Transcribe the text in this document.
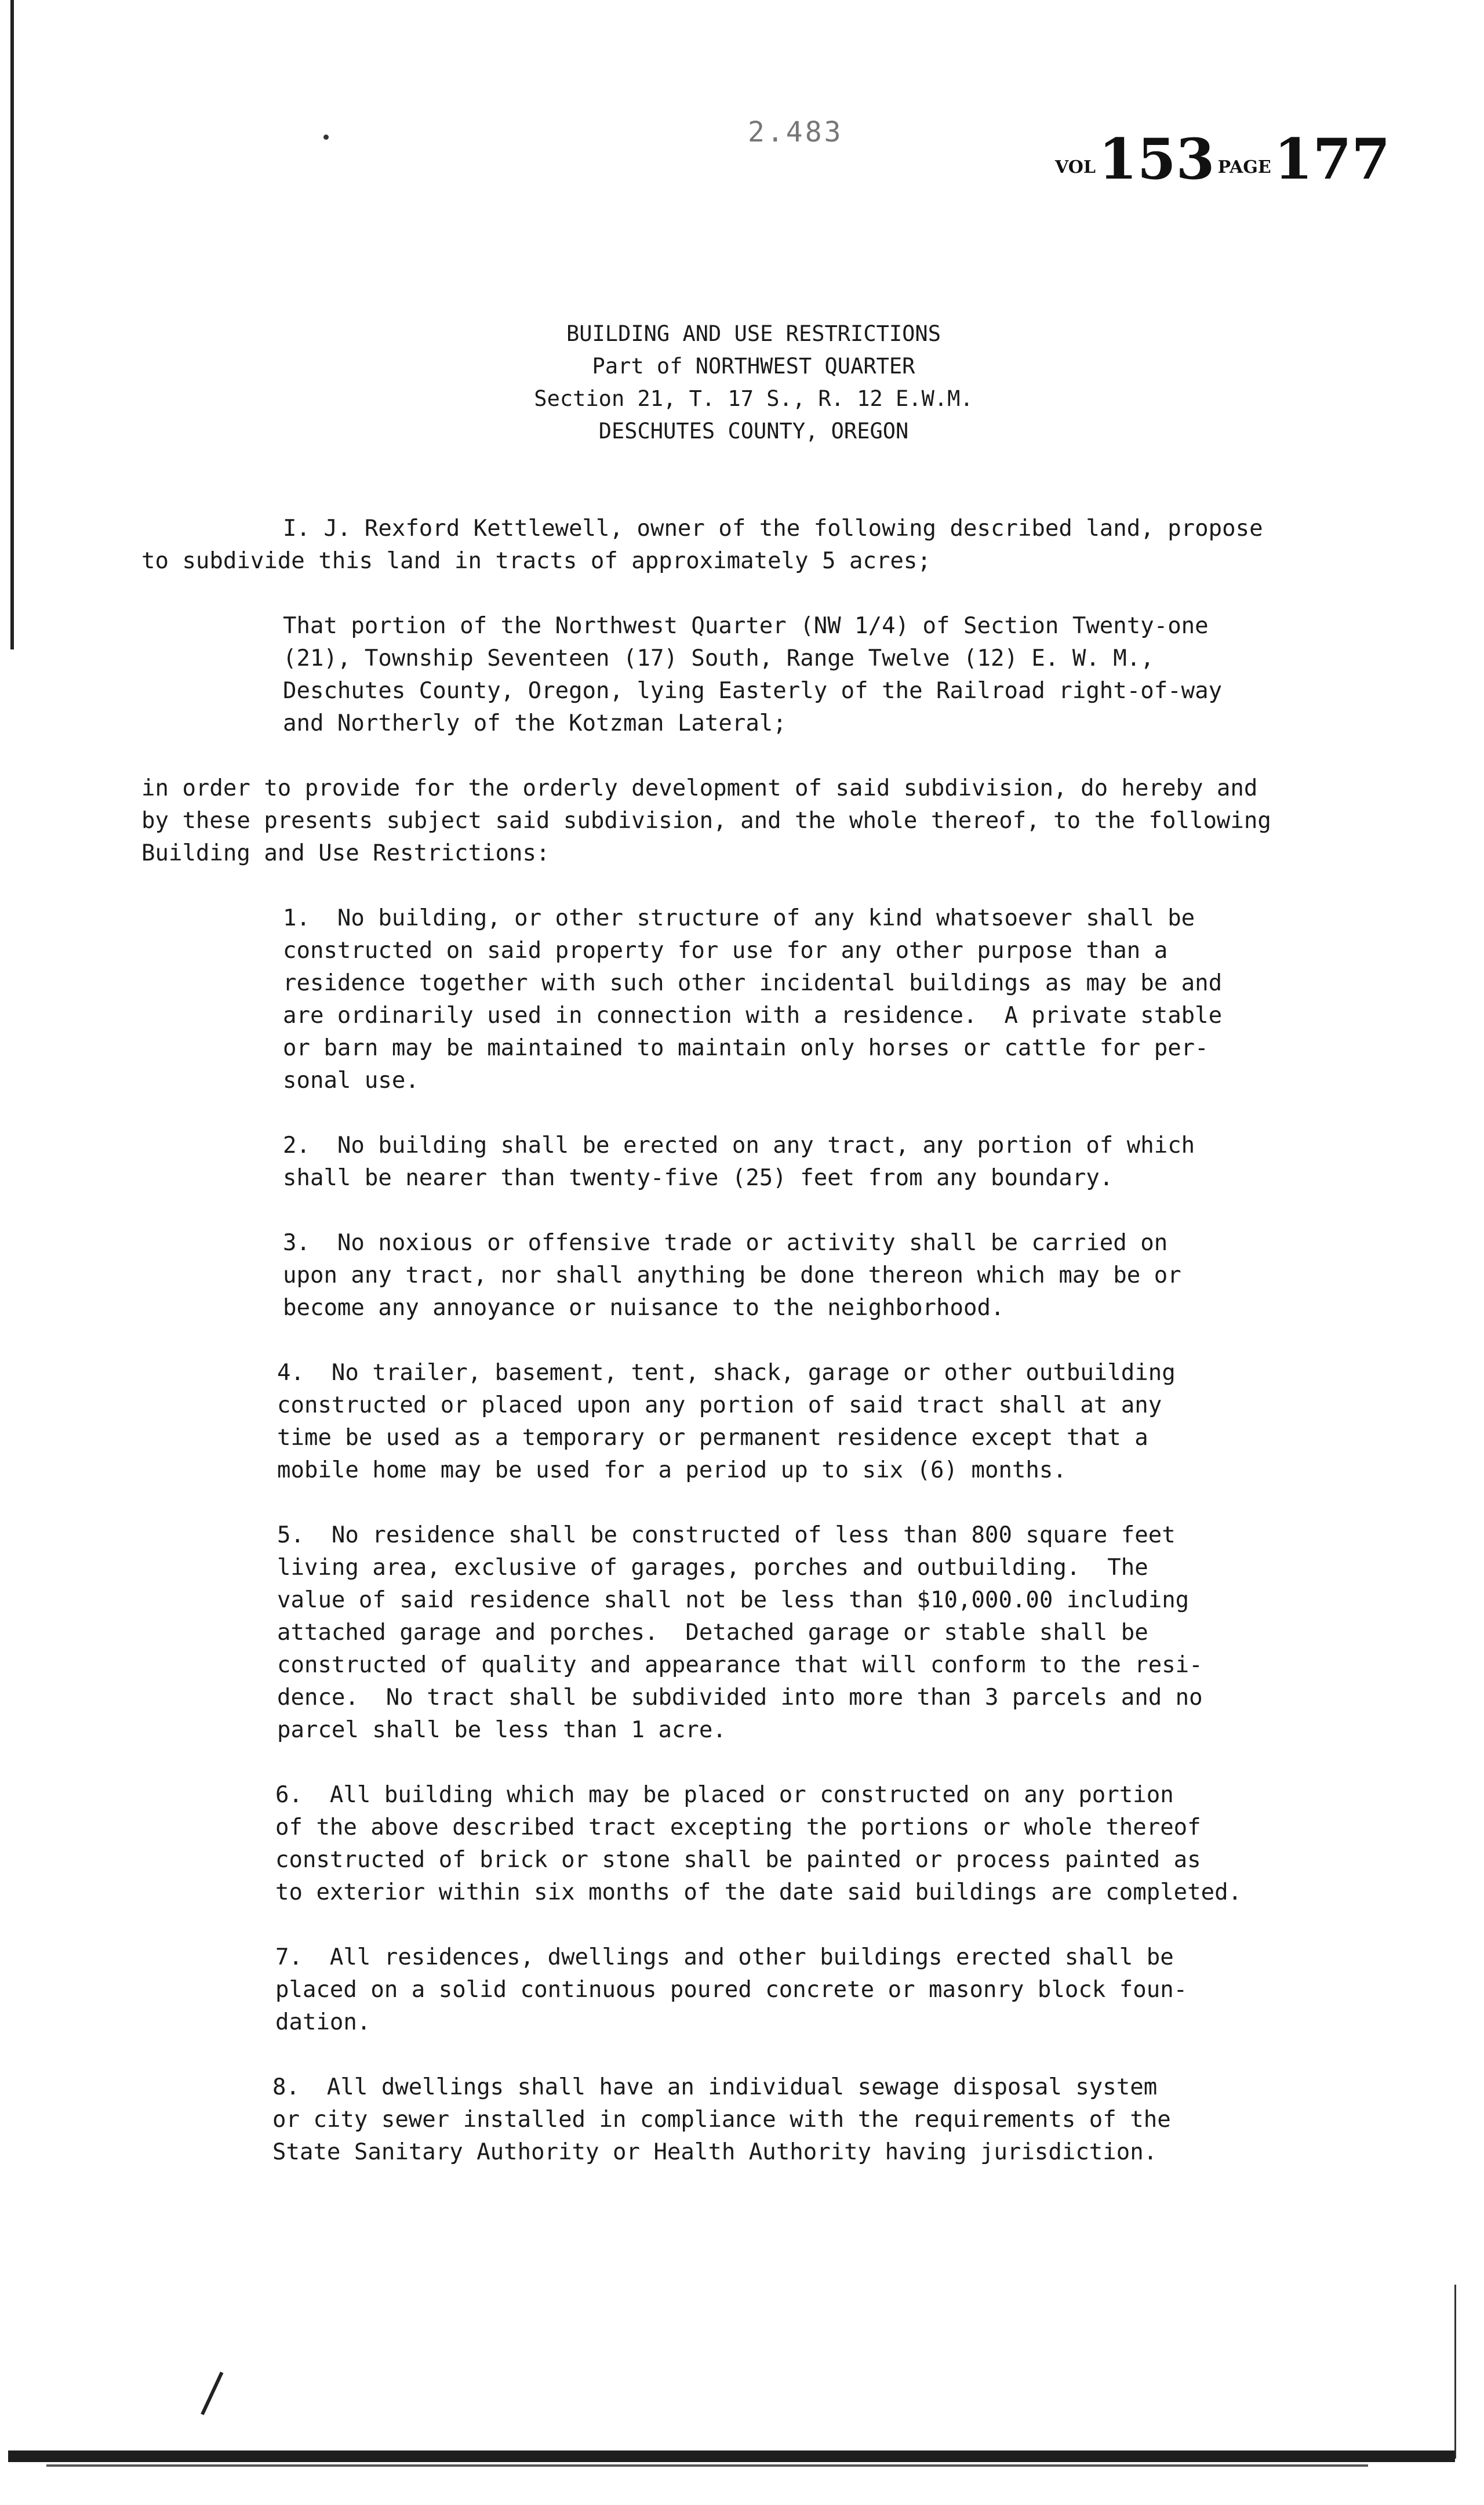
2.483
VOL 153 PAGE 177
BUILDING AND USE RESTRICTIONS
Part of NORTHWEST QUARTER
Section 21, T. 17 S., R. 12 E.W.M.
DESCHUTES COUNTY, OREGON
I. J. Rexford Kettlewell, owner of the following described land, propose
to subdivide this land in tracts of approximately 5 acres;
That portion of the Northwest Quarter (NW 1/4) of Section Twenty-one
(21), Township Seventeen (17) South, Range Twelve (12) E. W. M.,
Deschutes County, Oregon, lying Easterly of the Railroad right-of-way
and Northerly of the Kotzman Lateral;
in order to provide for the orderly development of said subdivision, do hereby and
by these presents subject said subdivision, and the whole thereof, to the following
Building and Use Restrictions:
1.  No building, or other structure of any kind whatsoever shall be
constructed on said property for use for any other purpose than a
residence together with such other incidental buildings as may be and
are ordinarily used in connection with a residence.  A private stable
or barn may be maintained to maintain only horses or cattle for per-
sonal use.
2.  No building shall be erected on any tract, any portion of which
shall be nearer than twenty-five (25) feet from any boundary.
3.  No noxious or offensive trade or activity shall be carried on
upon any tract, nor shall anything be done thereon which may be or
become any annoyance or nuisance to the neighborhood.
4.  No trailer, basement, tent, shack, garage or other outbuilding
constructed or placed upon any portion of said tract shall at any
time be used as a temporary or permanent residence except that a
mobile home may be used for a period up to six (6) months.
5.  No residence shall be constructed of less than 800 square feet
living area, exclusive of garages, porches and outbuilding.  The
value of said residence shall not be less than $10,000.00 including
attached garage and porches.  Detached garage or stable shall be
constructed of quality and appearance that will conform to the resi-
dence.  No tract shall be subdivided into more than 3 parcels and no
parcel shall be less than 1 acre.
6.  All building which may be placed or constructed on any portion
of the above described tract excepting the portions or whole thereof
constructed of brick or stone shall be painted or process painted as
to exterior within six months of the date said buildings are completed.
7.  All residences, dwellings and other buildings erected shall be
placed on a solid continuous poured concrete or masonry block foun-
dation.
8.  All dwellings shall have an individual sewage disposal system
or city sewer installed in compliance with the requirements of the
State Sanitary Authority or Health Authority having jurisdiction.
